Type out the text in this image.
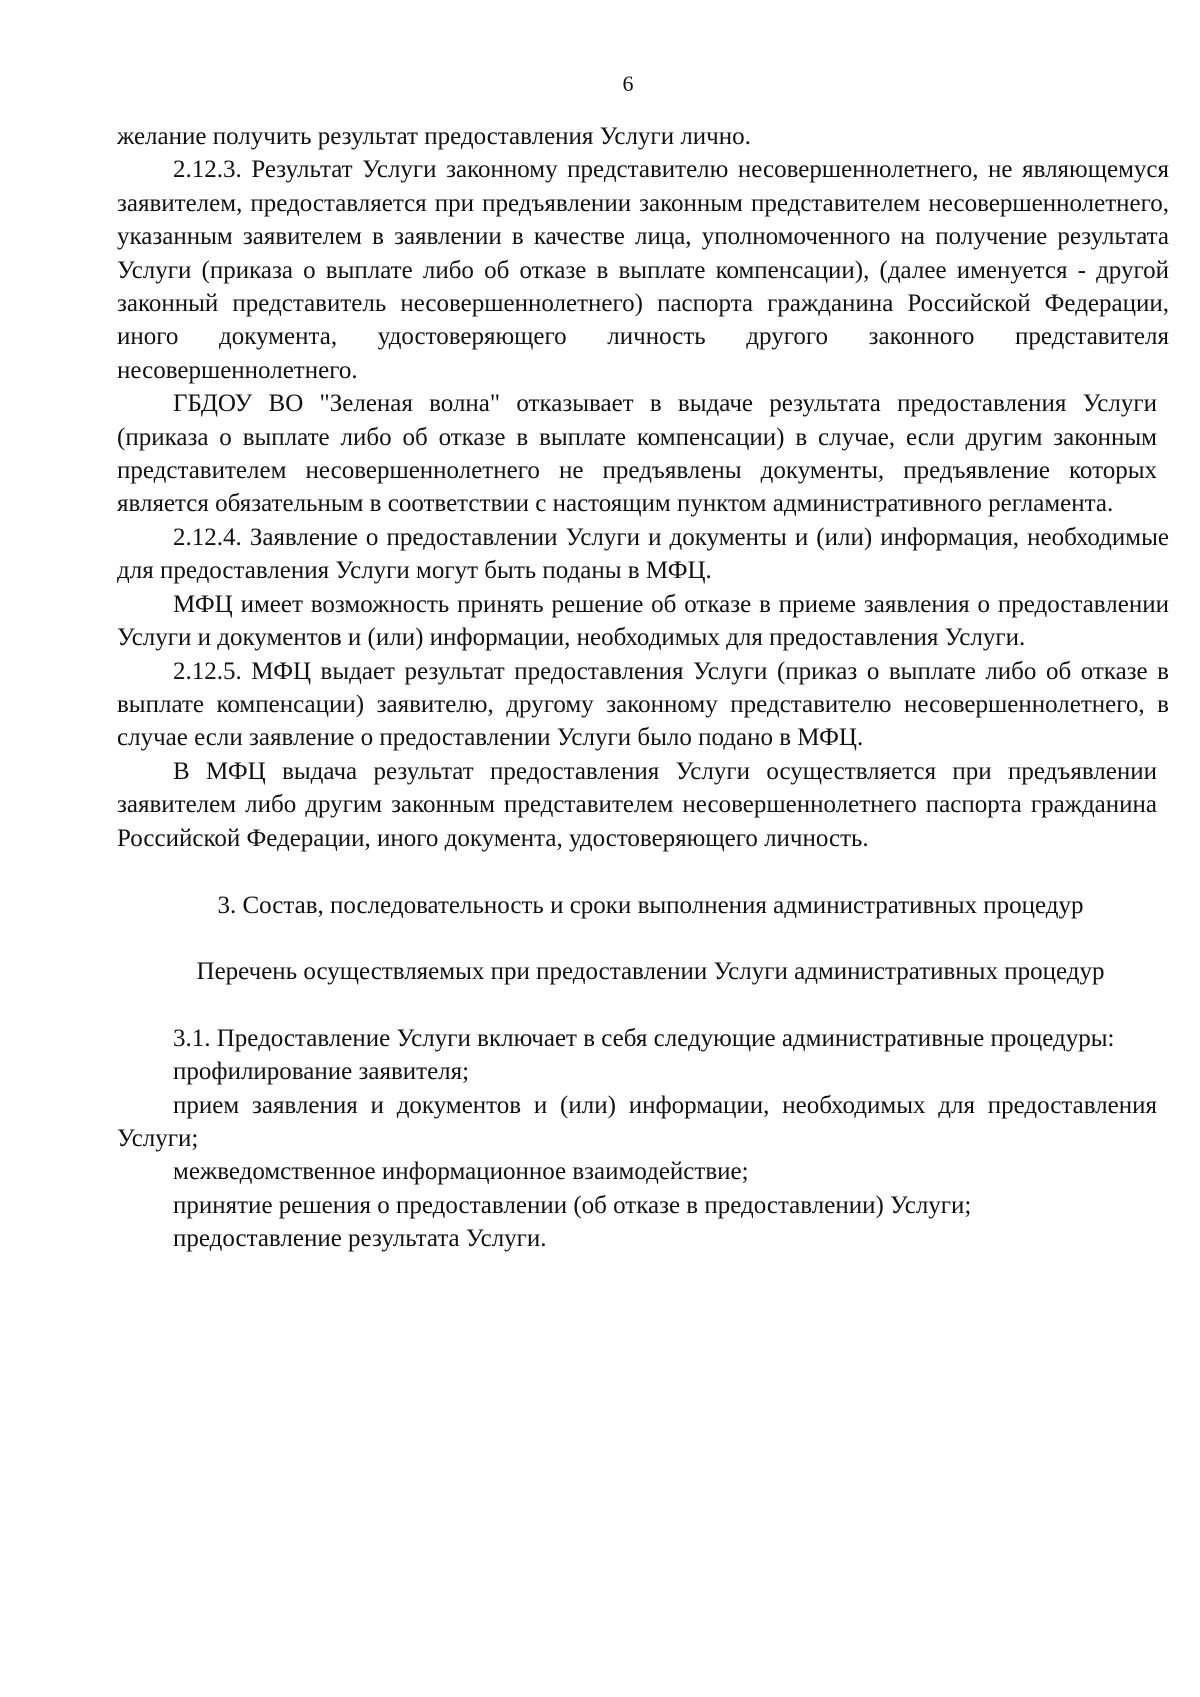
6

желание получить результат предоставления Услуги лично.

2.12.3. Результат Услуги законному представителю несовершеннолетнего, не являющемуся заявителем, предоставляется при предъявлении законным представителем несовершеннолетнего, указанным заявителем в заявлении в качестве лица, уполномоченного на получение результата Услуги (приказа о выплате либо об отказе в выплате компенсации), (далее именуется - другой законный представитель несовершеннолетнего) паспорта гражданина Российской Федерации, иного документа, удостоверяющего личность другого законного представителя несовершеннолетнего.

ГБДОУ ВО "Зеленая волна" отказывает в выдаче результата предоставления Услуги (приказа о выплате либо об отказе в выплате компенсации) в случае, если другим законным представителем несовершеннолетнего не предъявлены документы, предъявление которых является обязательным в соответствии с настоящим пунктом административного регламента.

2.12.4. Заявление о предоставлении Услуги и документы и (или) информация, необходимые для предоставления Услуги могут быть поданы в МФЦ.

МФЦ имеет возможность принять решение об отказе в приеме заявления о предоставлении Услуги и документов и (или) информации, необходимых для предоставления Услуги.

2.12.5. МФЦ выдает результат предоставления Услуги (приказ о выплате либо об отказе в выплате компенсации) заявителю, другому законному представителю несовершеннолетнего, в случае если заявление о предоставлении Услуги было подано в МФЦ.

В МФЦ выдача результат предоставления Услуги осуществляется при предъявлении заявителем либо другим законным представителем несовершеннолетнего паспорта гражданина Российской Федерации, иного документа, удостоверяющего личность.

3. Состав, последовательность и сроки выполнения административных процедур

Перечень осуществляемых при предоставлении Услуги административных процедур

3.1. Предоставление Услуги включает в себя следующие административные процедуры:

профилирование заявителя;

прием заявления и документов и (или) информации, необходимых для предоставления Услуги;

межведомственное информационное взаимодействие;

принятие решения о предоставлении (об отказе в предоставлении) Услуги;

предоставление результата Услуги.
